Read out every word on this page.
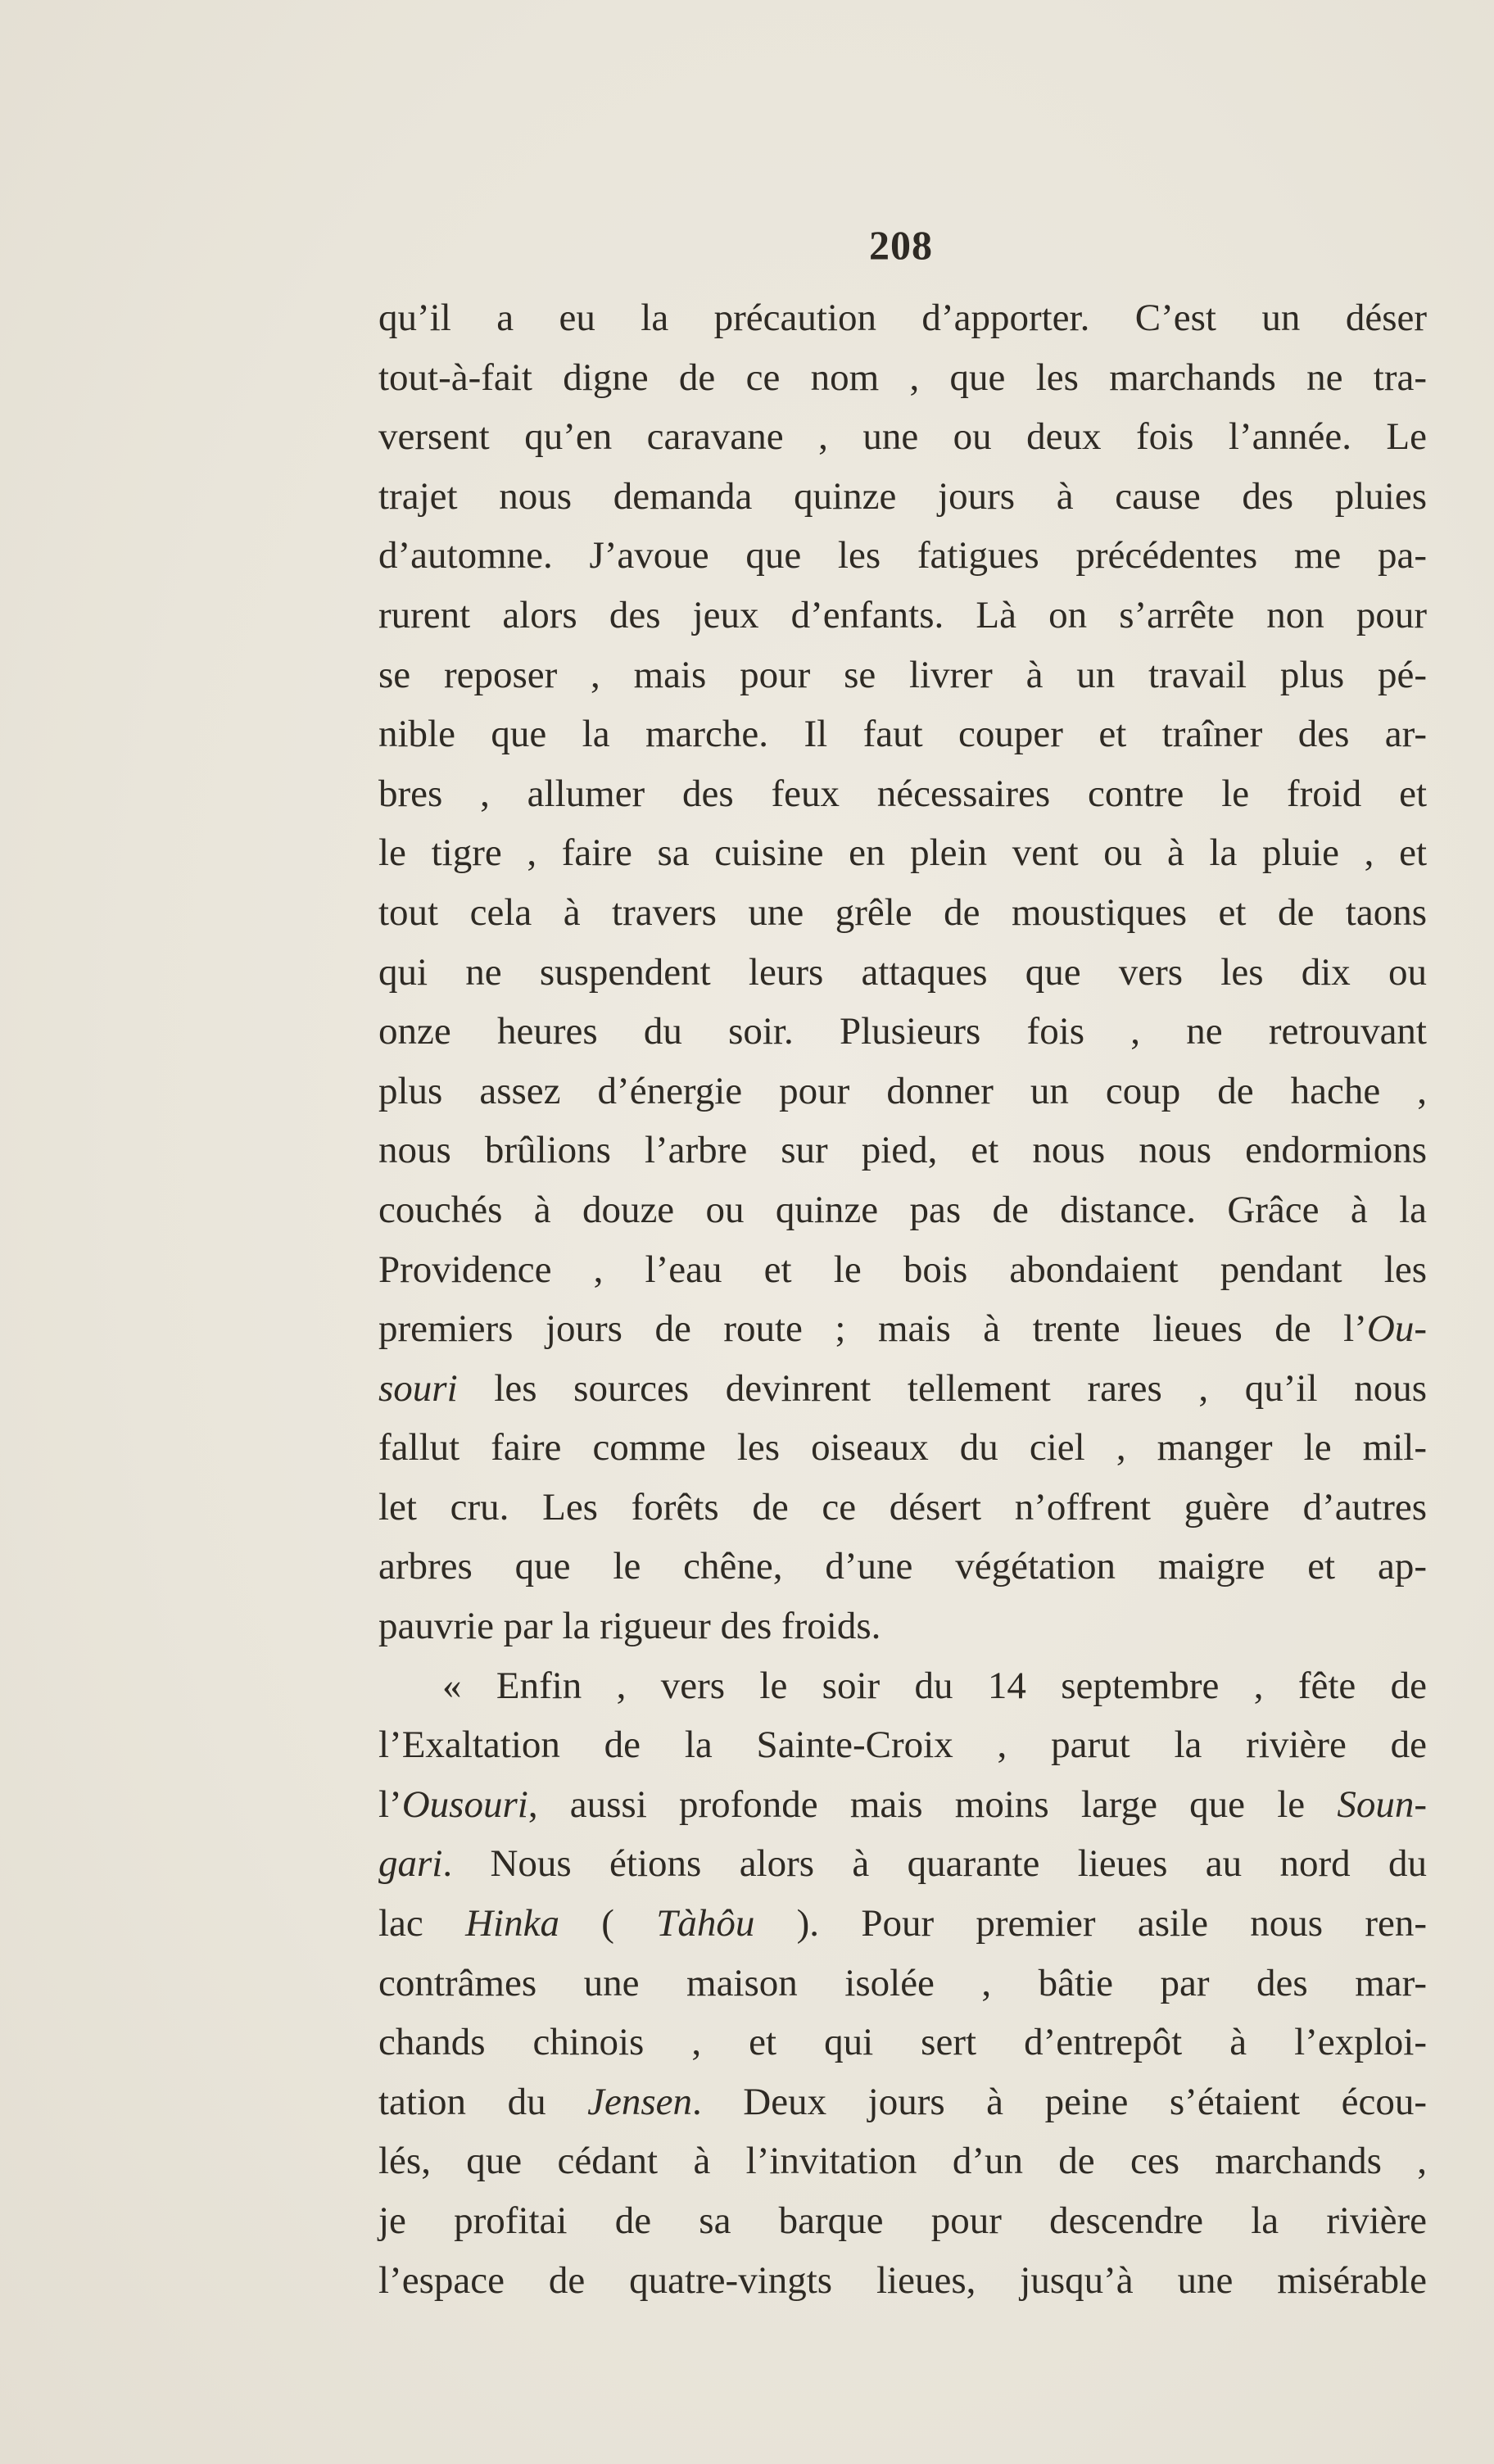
208
qu’il a eu la précaution d’apporter. C’est un déser
tout-à-fait digne de ce nom , que les marchands ne tra-
versent qu’en caravane , une ou deux fois l’année. Le
trajet nous demanda quinze jours à cause des pluies
d’automne. J’avoue que les fatigues précédentes me pa-
rurent alors des jeux d’enfants. Là on s’arrête non pour
se reposer , mais pour se livrer à un travail plus pé-
nible que la marche. Il faut couper et traîner des ar-
bres , allumer des feux nécessaires contre le froid et
le tigre , faire sa cuisine en plein vent ou à la pluie , et
tout cela à travers une grêle de moustiques et de taons
qui ne suspendent leurs attaques que vers les dix ou
onze heures du soir. Plusieurs fois , ne retrouvant
plus assez d’énergie pour donner un coup de hache ,
nous brûlions l’arbre sur pied, et nous nous endormions
couchés à douze ou quinze pas de distance. Grâce à la
Providence , l’eau et le bois abondaient pendant les
premiers jours de route ; mais à trente lieues de l’Ou-
souri les sources devinrent tellement rares , qu’il nous
fallut faire comme les oiseaux du ciel , manger le mil-
let cru. Les forêts de ce désert n’offrent guère d’autres
arbres que le chêne, d’une végétation maigre et ap-
pauvrie par la rigueur des froids.
« Enfin , vers le soir du 14 septembre , fête de
l’Exaltation de la Sainte-Croix , parut la rivière de
l’Ousouri, aussi profonde mais moins large que le Soun-
gari. Nous étions alors à quarante lieues au nord du
lac Hinka ( Tàhôu ). Pour premier asile nous ren-
contrâmes une maison isolée , bâtie par des mar-
chands chinois , et qui sert d’entrepôt à l’exploi-
tation du Jensen. Deux jours à peine s’étaient écou-
lés, que cédant à l’invitation d’un de ces marchands ,
je profitai de sa barque pour descendre la rivière
l’espace de quatre-vingts lieues, jusqu’à une misérable
